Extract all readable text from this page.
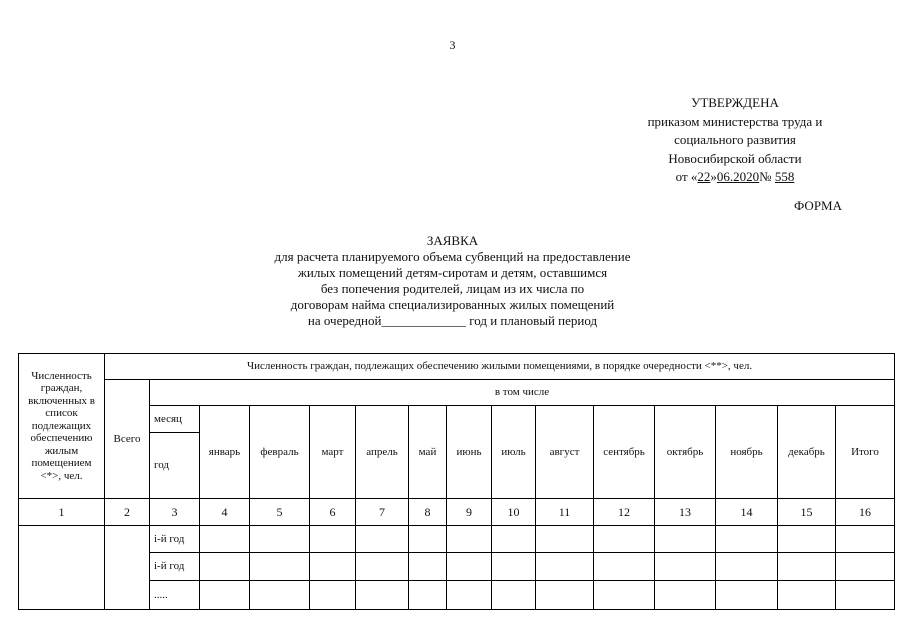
3
УТВЕРЖДЕНА
приказом министерства труда и
социального развития
Новосибирской области
от «22»06.2020№ 558
ФОРМА
ЗАЯВКА
для расчета планируемого объема субвенций на предоставление
жилых помещений детям-сиротам и детям, оставшимся
без попечения родителей, лицам из их числа по
договорам найма специализированных жилых помещений
на очередной_____________ год и плановый период
Численность граждан, включенных в список подлежащих обеспечению жилым помещением <*>, чел.	Численность граждан, подлежащих обеспечению жилыми помещениями, в порядке очередности <**>, чел.														
	Всего	в том числе													
		месяц	январь	февраль	март	апрель	май	июнь	июль	август	сентябрь	октябрь	ноябрь	декабрь	Итого
		год													
1	2	3	4	5	6	7	8	9	10	11	12	13	14	15	16
		i-й год													
		i-й год													
		.....													
